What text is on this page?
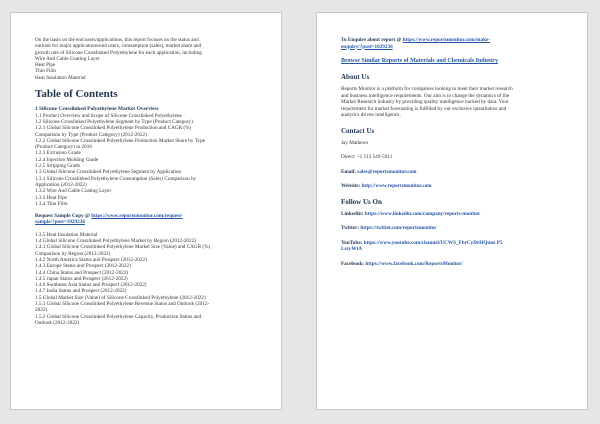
On the basis on the end users/applications, this report focuses on the status and
outlook for major applications/end users, consumption (sales), market share and
growth rate of Silicone Crosslinked Polyethylene for each application, including
Wire And Cable Coating Layer
Heat Pipe
Thin Film
Heat Insulation Material
Table of Contents
1 Silicone Crosslinked Polyethylene Market Overview
1.1 Product Overview and Scope of Silicone Crosslinked Polyethylene
1.2 Silicone Crosslinked Polyethylene Segment by Type (Product Category)
1.2.1 Global Silicone Crosslinked Polyethylene Production and CAGR (%)
Comparison by Type (Product Category) (2012-2022)
1.2.2 Global Silicone Crosslinked Polyethylene Production Market Share by Type
(Product Category) in 2016
1.2.3 Extrusion Grade
1.2.4 Injection Molding Grade
1.2.5 Stripping Grade
1.3 Global Silicone Crosslinked Polyethylene Segment by Application
1.3.1 Silicone Crosslinked Polyethylene Consumption (Sales) Comparison by
Application (2012-2022)
1.3.2 Wire And Cable Coating Layer
1.3.3 Heat Pipe
1.3.4 Thin Film
Request Sample Copy @ https://www.reportsmonitor.com/request-
sample/?post=1029236
1.3.5 Heat Insulation Material
1.4 Global Silicone Crosslinked Polyethylene Market by Region (2012-2022)
1.4.1 Global Silicone Crosslinked Polyethylene Market Size (Value) and CAGR (%)
Comparison by Region (2012-2022)
1.4.2 North America Status and Prospect (2012-2022)
1.4.3 Europe Status and Prospect (2012-2022)
1.4.4 China Status and Prospect (2012-2022)
1.4.5 Japan Status and Prospect (2012-2022)
1.4.6 Southeast Asia Status and Prospect (2012-2022)
1.4.7 India Status and Prospect (2012-2022)
1.5 Global Market Size (Value) of Silicone Crosslinked Polyethylene (2012-2022)
1.5.1 Global Silicone Crosslinked Polyethylene Revenue Status and Outlook (2012-
2022)
1.5.2 Global Silicone Crosslinked Polyethylene Capacity, Production Status and
Outlook (2012-2022)
To Enquire about report @ https://www.reportsmonitor.com/make-
enquiry/?post=1029236
Browse Similar Reports of Materials and Chemicals Industry
About Us
Reports Monitor is a platform for companies looking to meet their market research
and business intelligence requirements. Our aim is to change the dynamics of the
Market Research industry by providing quality intelligence backed by data. Your
requirement for market forecasting is fulfilled by our exclusive quantitative and
analytics driven intelligence.
Contact Us
Jay Mathews
Direct: +1 513 549-5911
Email: sales@reportsmonitor.com
Website: http://www.reportsmonitor.com
Follow Us On
LinkedIn: https://www.linkedin.com/company/reports-monitor
Twitter: https://twitter.com/reportsmonitor
YouTube: https://www.youtube.com/channel/UCWS_FbrCyDrHQune P5
LszyWtA
Facebook: https://www.facebook.com/ReportsMonitor/
